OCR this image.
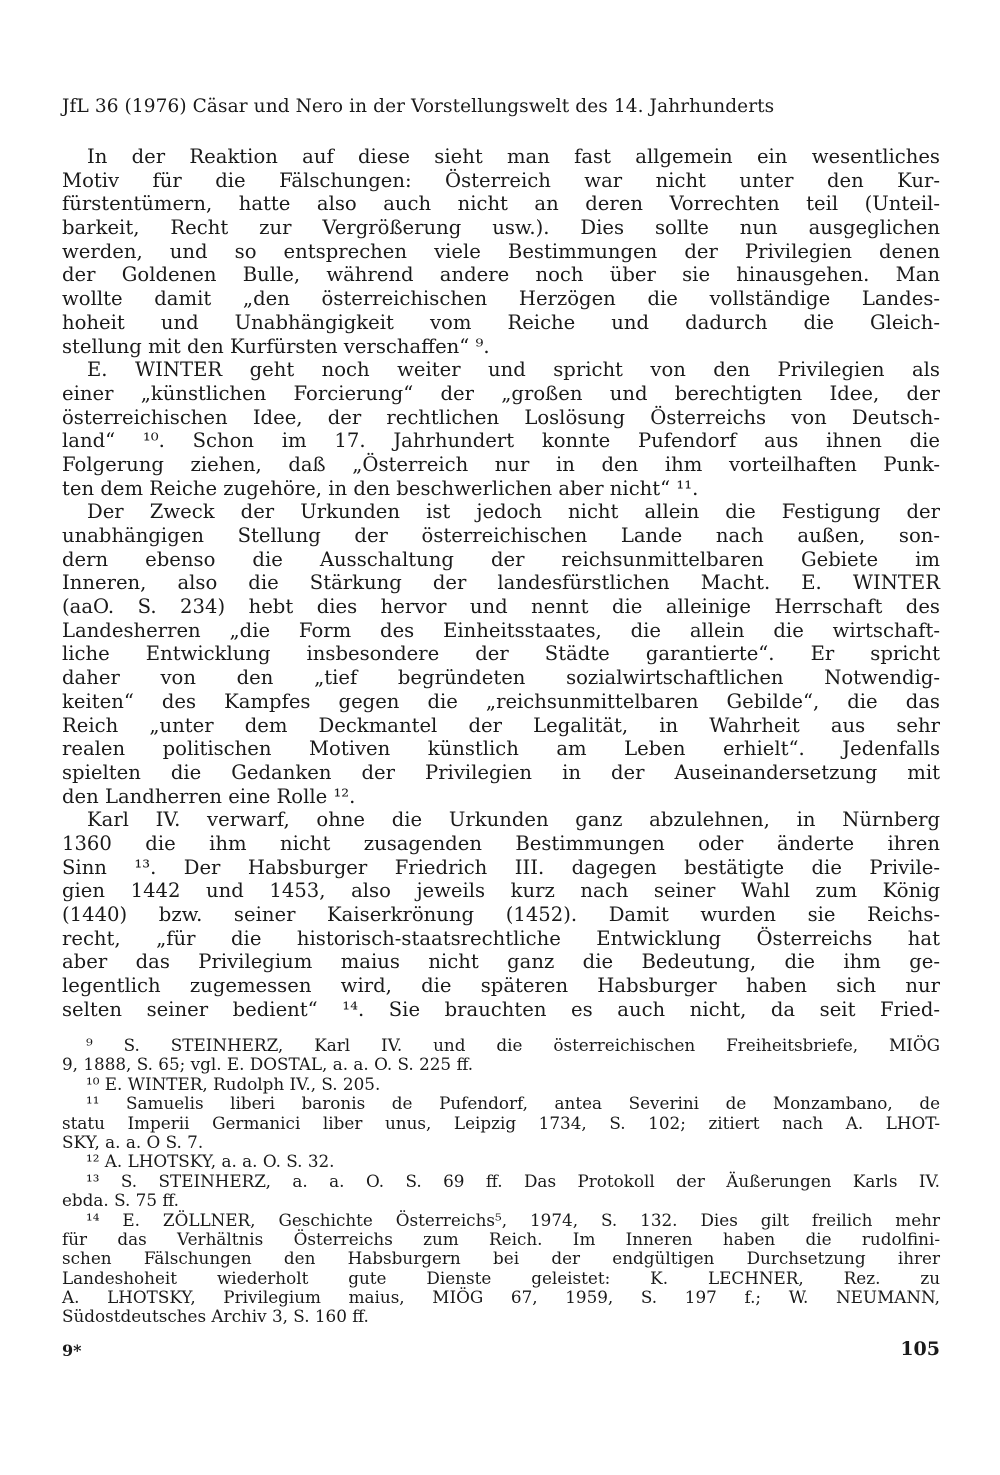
JfL 36 (1976) Cäsar und Nero in der Vorstellungswelt des 14. Jahrhunderts
In der Reaktion auf diese sieht man fast allgemein ein wesentliches
Motiv für die Fälschungen: Österreich war nicht unter den Kur-
fürstentümern, hatte also auch nicht an deren Vorrechten teil (Unteil-
barkeit, Recht zur Vergrößerung usw.). Dies sollte nun ausgeglichen
werden, und so entsprechen viele Bestimmungen der Privilegien denen
der Goldenen Bulle, während andere noch über sie hinausgehen. Man
wollte damit „den österreichischen Herzögen die vollständige Landes-
hoheit und Unabhängigkeit vom Reiche und dadurch die Gleich-
stellung mit den Kurfürsten verschaffen“ ⁹.
E. WINTER geht noch weiter und spricht von den Privilegien als
einer „künstlichen Forcierung“ der „großen und berechtigten Idee, der
österreichischen Idee, der rechtlichen Loslösung Österreichs von Deutsch-
land“ ¹⁰. Schon im 17. Jahrhundert konnte Pufendorf aus ihnen die
Folgerung ziehen, daß „Österreich nur in den ihm vorteilhaften Punk-
ten dem Reiche zugehöre, in den beschwerlichen aber nicht“ ¹¹.
Der Zweck der Urkunden ist jedoch nicht allein die Festigung der
unabhängigen Stellung der österreichischen Lande nach außen, son-
dern ebenso die Ausschaltung der reichsunmittelbaren Gebiete im
Inneren, also die Stärkung der landesfürstlichen Macht. E. WINTER
(aaO. S. 234) hebt dies hervor und nennt die alleinige Herrschaft des
Landesherren „die Form des Einheitsstaates, die allein die wirtschaft-
liche Entwicklung insbesondere der Städte garantierte“. Er spricht
daher von den „tief begründeten sozialwirtschaftlichen Notwendig-
keiten“ des Kampfes gegen die „reichsunmittelbaren Gebilde“, die das
Reich „unter dem Deckmantel der Legalität, in Wahrheit aus sehr
realen politischen Motiven künstlich am Leben erhielt“. Jedenfalls
spielten die Gedanken der Privilegien in der Auseinandersetzung mit
den Landherren eine Rolle ¹².
Karl IV. verwarf, ohne die Urkunden ganz abzulehnen, in Nürnberg
1360 die ihm nicht zusagenden Bestimmungen oder änderte ihren
Sinn ¹³. Der Habsburger Friedrich III. dagegen bestätigte die Privile-
gien 1442 und 1453, also jeweils kurz nach seiner Wahl zum König
(1440) bzw. seiner Kaiserkrönung (1452). Damit wurden sie Reichs-
recht, „für die historisch-staatsrechtliche Entwicklung Österreichs hat
aber das Privilegium maius nicht ganz die Bedeutung, die ihm ge-
legentlich zugemessen wird, die späteren Habsburger haben sich nur
selten seiner bedient“ ¹⁴. Sie brauchten es auch nicht, da seit Fried-
⁹ S. STEINHERZ, Karl IV. und die österreichischen Freiheitsbriefe, MIÖG
9, 1888, S. 65; vgl. E. DOSTAL, a. a. O. S. 225 ff.
¹⁰ E. WINTER, Rudolph IV., S. 205.
¹¹ Samuelis liberi baronis de Pufendorf, antea Severini de Monzambano, de
statu Imperii Germanici liber unus, Leipzig 1734, S. 102; zitiert nach A. LHOT-
SKY, a. a. O S. 7.
¹² A. LHOTSKY, a. a. O. S. 32.
¹³ S. STEINHERZ, a. a. O. S. 69 ff. Das Protokoll der Äußerungen Karls IV.
ebda. S. 75 ff.
¹⁴ E. ZÖLLNER, Geschichte Österreichs⁵, 1974, S. 132. Dies gilt freilich mehr
für das Verhältnis Österreichs zum Reich. Im Inneren haben die rudolfini-
schen Fälschungen den Habsburgern bei der endgültigen Durchsetzung ihrer
Landeshoheit wiederholt gute Dienste geleistet: K. LECHNER, Rez. zu
A. LHOTSKY, Privilegium maius, MIÖG 67, 1959, S. 197 f.; W. NEUMANN,
Südostdeutsches Archiv 3, S. 160 ff.
9*	105
